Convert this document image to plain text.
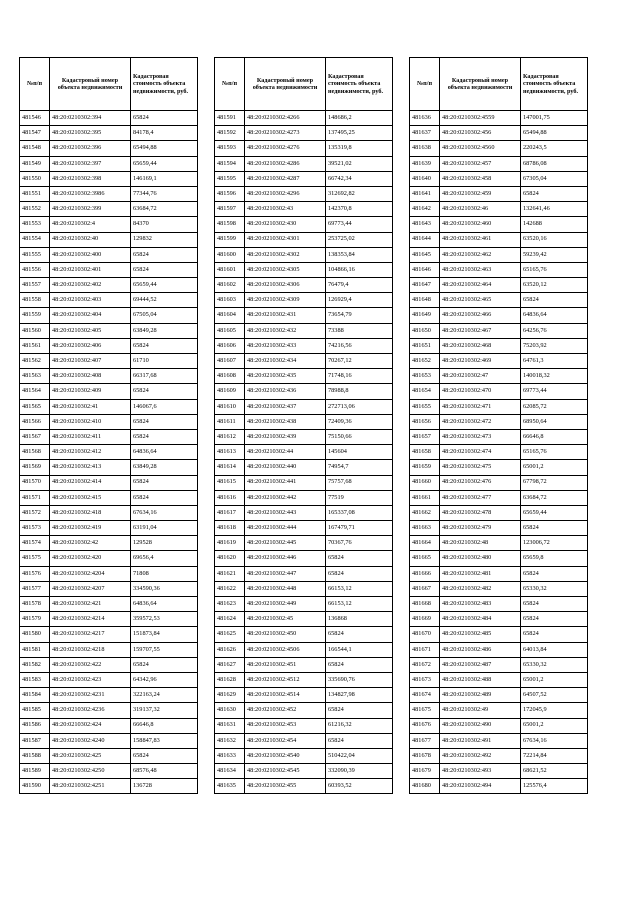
№п/п	Кадастровый номер объекта недвижимости	Кадастровая стоимость объекта недвижимости, руб.
481546	48:20:0210302:394	65824
481547	48:20:0210302:395	84178,4
481548	48:20:0210302:396	65494,88
481549	48:20:0210302:397	65659,44
481550	48:20:0210302:398	146169,1
481551	48:20:0210302:3986	77344,76
481552	48:20:0210302:399	63684,72
481553	48:20:0210302:4	84370
481554	48:20:0210302:40	129832
481555	48:20:0210302:400	65824
481556	48:20:0210302:401	65824
481557	48:20:0210302:402	65659,44
481558	48:20:0210302:403	69444,52
481559	48:20:0210302:404	67505,04
481560	48:20:0210302:405	63849,28
481561	48:20:0210302:406	65824
481562	48:20:0210302:407	61710
481563	48:20:0210302:408	66317,68
481564	48:20:0210302:409	65824
481565	48:20:0210302:41	146067,6
481566	48:20:0210302:410	65824
481567	48:20:0210302:411	65824
481568	48:20:0210302:412	64836,64
481569	48:20:0210302:413	63849,28
481570	48:20:0210302:414	65824
481571	48:20:0210302:415	65824
481572	48:20:0210302:418	67634,16
481573	48:20:0210302:419	63191,04
481574	48:20:0210302:42	129528
481575	48:20:0210302:420	69656,4
481576	48:20:0210302:4204	71808
481577	48:20:0210302:4207	334590,36
481578	48:20:0210302:421	64836,64
481579	48:20:0210302:4214	359572,53
481580	48:20:0210302:4217	151873,84
481581	48:20:0210302:4218	159707,55
481582	48:20:0210302:422	65824
481583	48:20:0210302:423	64342,96
481584	48:20:0210302:4231	322163,24
481585	48:20:0210302:4236	319137,32
481586	48:20:0210302:424	66646,8
481587	48:20:0210302:4240	158847,83
481588	48:20:0210302:425	65824
481589	48:20:0210302:4250	68576,48
481590	48:20:0210302:4251	136728
№п/п	Кадастровый номер объекта недвижимости	Кадастровая стоимость объекта недвижимости, руб.
481591	48:20:0210302:4266	148686,2
481592	48:20:0210302:4273	137495,25
481593	48:20:0210302:4276	135319,8
481594	48:20:0210302:4286	39521,02
481595	48:20:0210302:4287	66742,34
481596	48:20:0210302:4296	312692,82
481597	48:20:0210302:43	142370,8
481598	48:20:0210302:430	69773,44
481599	48:20:0210302:4301	253725,02
481600	48:20:0210302:4302	138353,84
481601	48:20:0210302:4305	104866,16
481602	48:20:0210302:4306	76479,4
481603	48:20:0210302:4309	126929,4
481604	48:20:0210302:431	73654,79
481605	48:20:0210302:432	73388
481606	48:20:0210302:433	74216,56
481607	48:20:0210302:434	70267,12
481608	48:20:0210302:435	71748,16
481609	48:20:0210302:436	78988,8
481610	48:20:0210302:437	272713,06
481611	48:20:0210302:438	72409,36
481612	48:20:0210302:439	75150,66
481613	48:20:0210302:44	145604
481614	48:20:0210302:440	74954,7
481615	48:20:0210302:441	75757,68
481616	48:20:0210302:442	77519
481617	48:20:0210302:443	165337,08
481618	48:20:0210302:444	167479,71
481619	48:20:0210302:445	70367,76
481620	48:20:0210302:446	65824
481621	48:20:0210302:447	65824
481622	48:20:0210302:448	66153,12
481623	48:20:0210302:449	66153,12
481624	48:20:0210302:45	136868
481625	48:20:0210302:450	65824
481626	48:20:0210302:4506	166544,1
481627	48:20:0210302:451	65824
481628	48:20:0210302:4512	335690,76
481629	48:20:0210302:4514	134827,98
481630	48:20:0210302:452	65824
481631	48:20:0210302:453	61216,32
481632	48:20:0210302:454	65824
481633	48:20:0210302:4540	510422,04
481634	48:20:0210302:4545	332090,39
481635	48:20:0210302:455	60393,52
№п/п	Кадастровый номер объекта недвижимости	Кадастровая стоимость объекта недвижимости, руб.
481636	48:20:0210302:4559	147001,75
481637	48:20:0210302:456	65494,88
481638	48:20:0210302:4560	220243,5
481639	48:20:0210302:457	68786,08
481640	48:20:0210302:458	67305,04
481641	48:20:0210302:459	65824
481642	48:20:0210302:46	132641,46
481643	48:20:0210302:460	142688
481644	48:20:0210302:461	63520,16
481645	48:20:0210302:462	59239,42
481646	48:20:0210302:463	65165,76
481647	48:20:0210302:464	63520,12
481648	48:20:0210302:465	65824
481649	48:20:0210302:466	64836,64
481650	48:20:0210302:467	64256,76
481651	48:20:0210302:468	75203,92
481652	48:20:0210302:469	64761,3
481653	48:20:0210302:47	140018,32
481654	48:20:0210302:470	69773,44
481655	48:20:0210302:471	62085,72
481656	48:20:0210302:472	68950,64
481657	48:20:0210302:473	66646,8
481658	48:20:0210302:474	65165,76
481659	48:20:0210302:475	65001,2
481660	48:20:0210302:476	67798,72
481661	48:20:0210302:477	63684,72
481662	48:20:0210302:478	65659,44
481663	48:20:0210302:479	65824
481664	48:20:0210302:48	123006,72
481665	48:20:0210302:480	65659,8
481666	48:20:0210302:481	65824
481667	48:20:0210302:482	65330,32
481668	48:20:0210302:483	65824
481669	48:20:0210302:484	65824
481670	48:20:0210302:485	65824
481671	48:20:0210302:486	64013,84
481672	48:20:0210302:487	65330,32
481673	48:20:0210302:488	65001,2
481674	48:20:0210302:489	64507,52
481675	48:20:0210302:49	172045,9
481676	48:20:0210302:490	65001,2
481677	48:20:0210302:491	67634,16
481678	48:20:0210302:492	72214,84
481679	48:20:0210302:493	68621,52
481680	48:20:0210302:494	125576,4
